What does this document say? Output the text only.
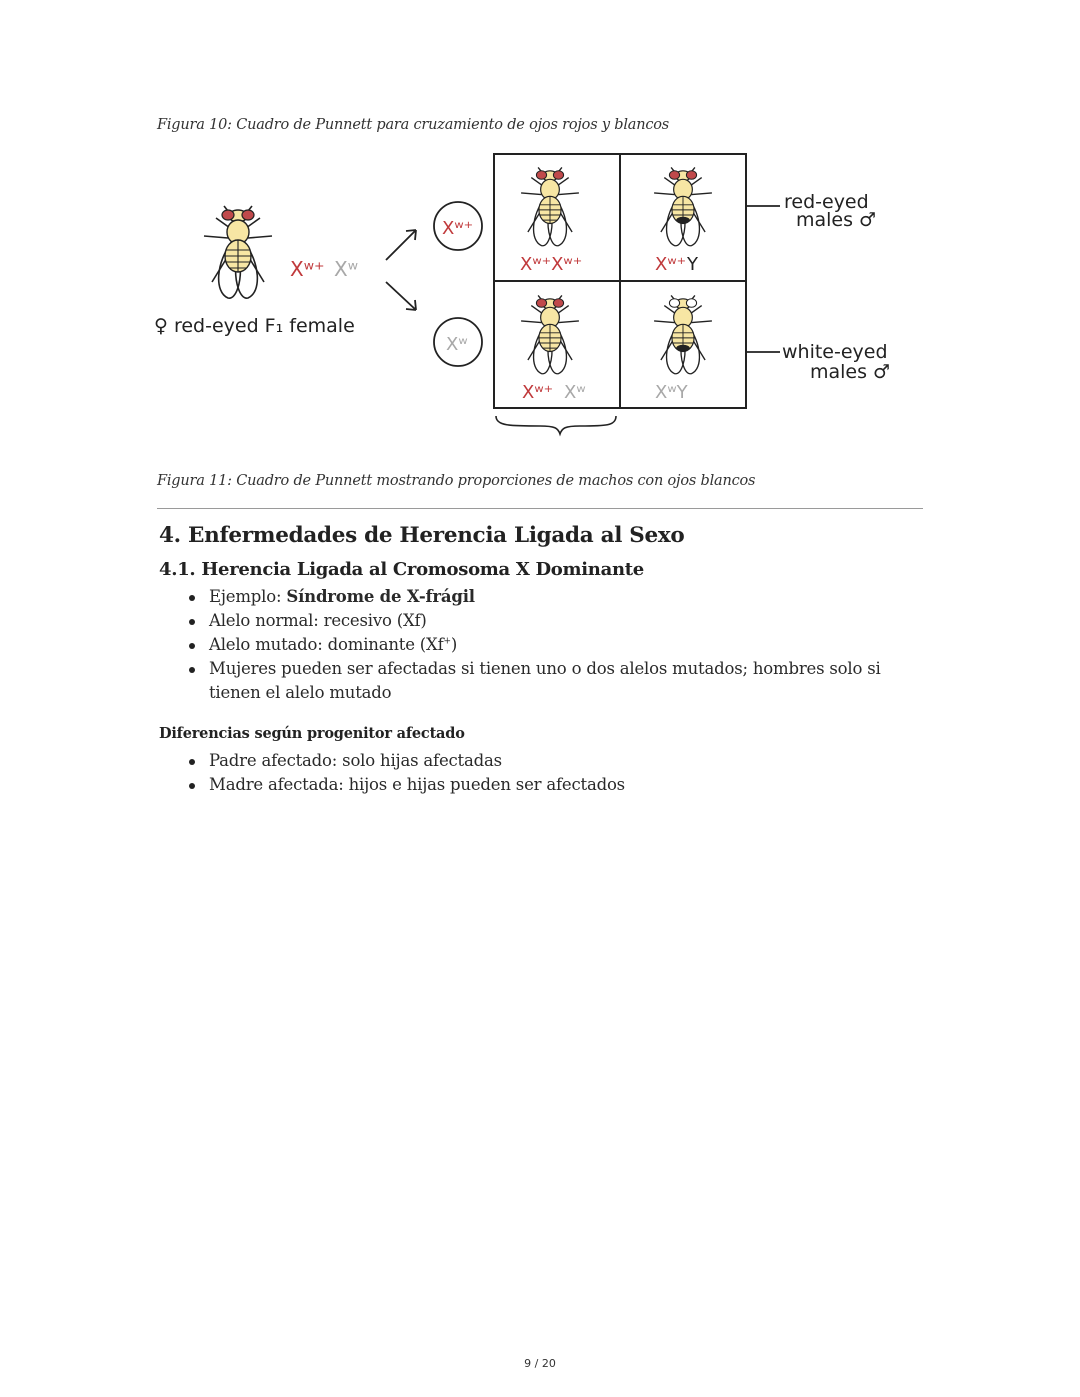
Figura 10: Cuadro de Punnett para cruzamiento de ojos rojos y blancos
Xʷ⁺ Xʷ
♀ red-eyed F₁ female
Xʷ⁺
Xʷ
Xʷ⁺Xʷ⁺	Xʷ⁺ Y
Xʷ⁺ Xʷ	XʷY
red-eyed
males ♂
white-eyed
males ♂
Figura 11: Cuadro de Punnett mostrando proporciones de machos con ojos blancos
4. Enfermedades de Herencia Ligada al Sexo
4.1. Herencia Ligada al Cromosoma X Dominante
Ejemplo: Síndrome de X-frágil
Alelo normal: recesivo (Xf)
Alelo mutado: dominante (Xf+)
Mujeres pueden ser afectadas si tienen uno o dos alelos mutados; hombres solo si tienen el alelo mutado
Diferencias según progenitor afectado
Padre afectado: solo hijas afectadas
Madre afectada: hijos e hijas pueden ser afectados
9 / 20
